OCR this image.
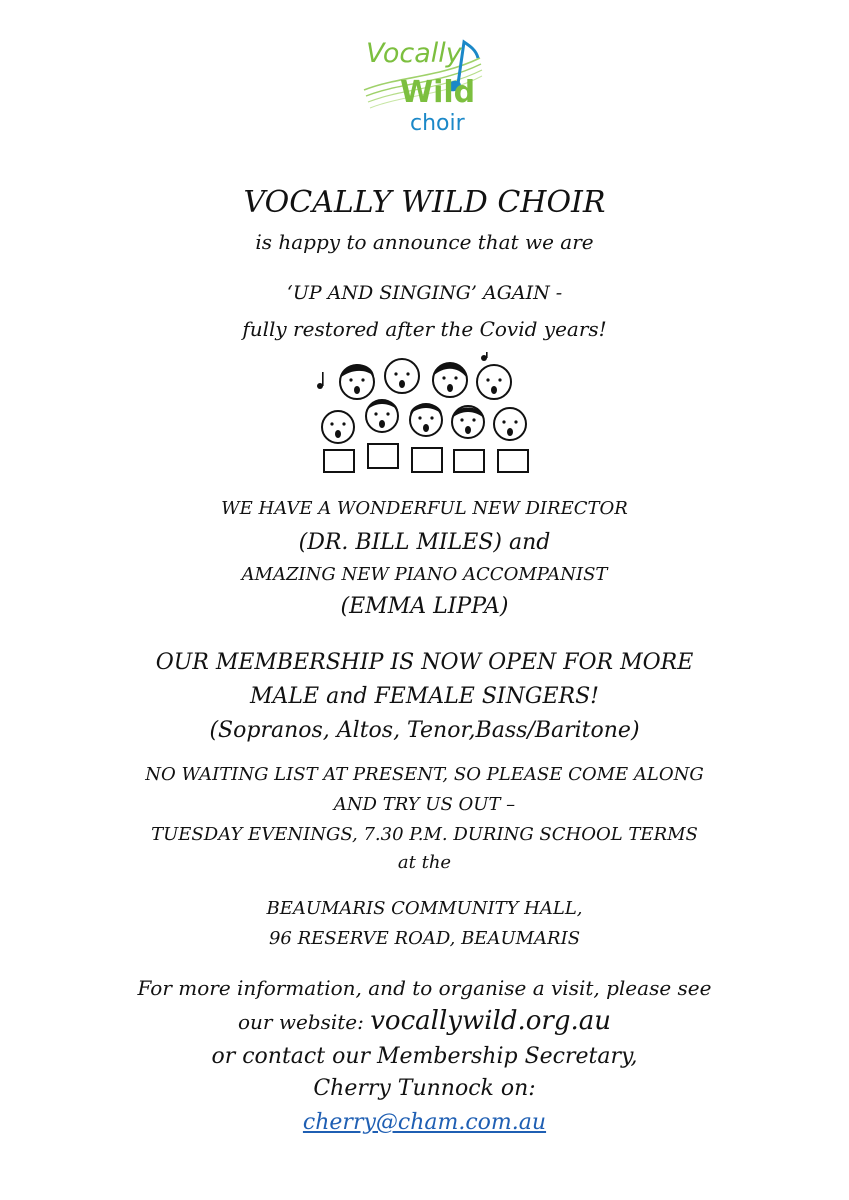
Vocally
Wild
choir
VOCALLY WILD CHOIR
is happy to announce that we are
‘UP AND SINGING’ AGAIN -
fully restored after the Covid years!
WE HAVE A WONDERFUL NEW DIRECTOR
(DR. BILL MILES) and
AMAZING NEW PIANO ACCOMPANIST
(EMMA LIPPA)
OUR MEMBERSHIP IS NOW OPEN FOR MORE
MALE and FEMALE SINGERS!
(Sopranos, Altos, Tenor,Bass/Baritone)
NO WAITING LIST AT PRESENT, SO PLEASE COME ALONG
AND TRY US OUT –
TUESDAY EVENINGS, 7.30 P.M. DURING SCHOOL TERMS
at the
BEAUMARIS COMMUNITY HALL,
96 RESERVE ROAD, BEAUMARIS
For more information, and to organise a visit, please see
our website: vocallywild.org.au
or contact our Membership Secretary,
Cherry Tunnock on:
cherry@cham.com.au
